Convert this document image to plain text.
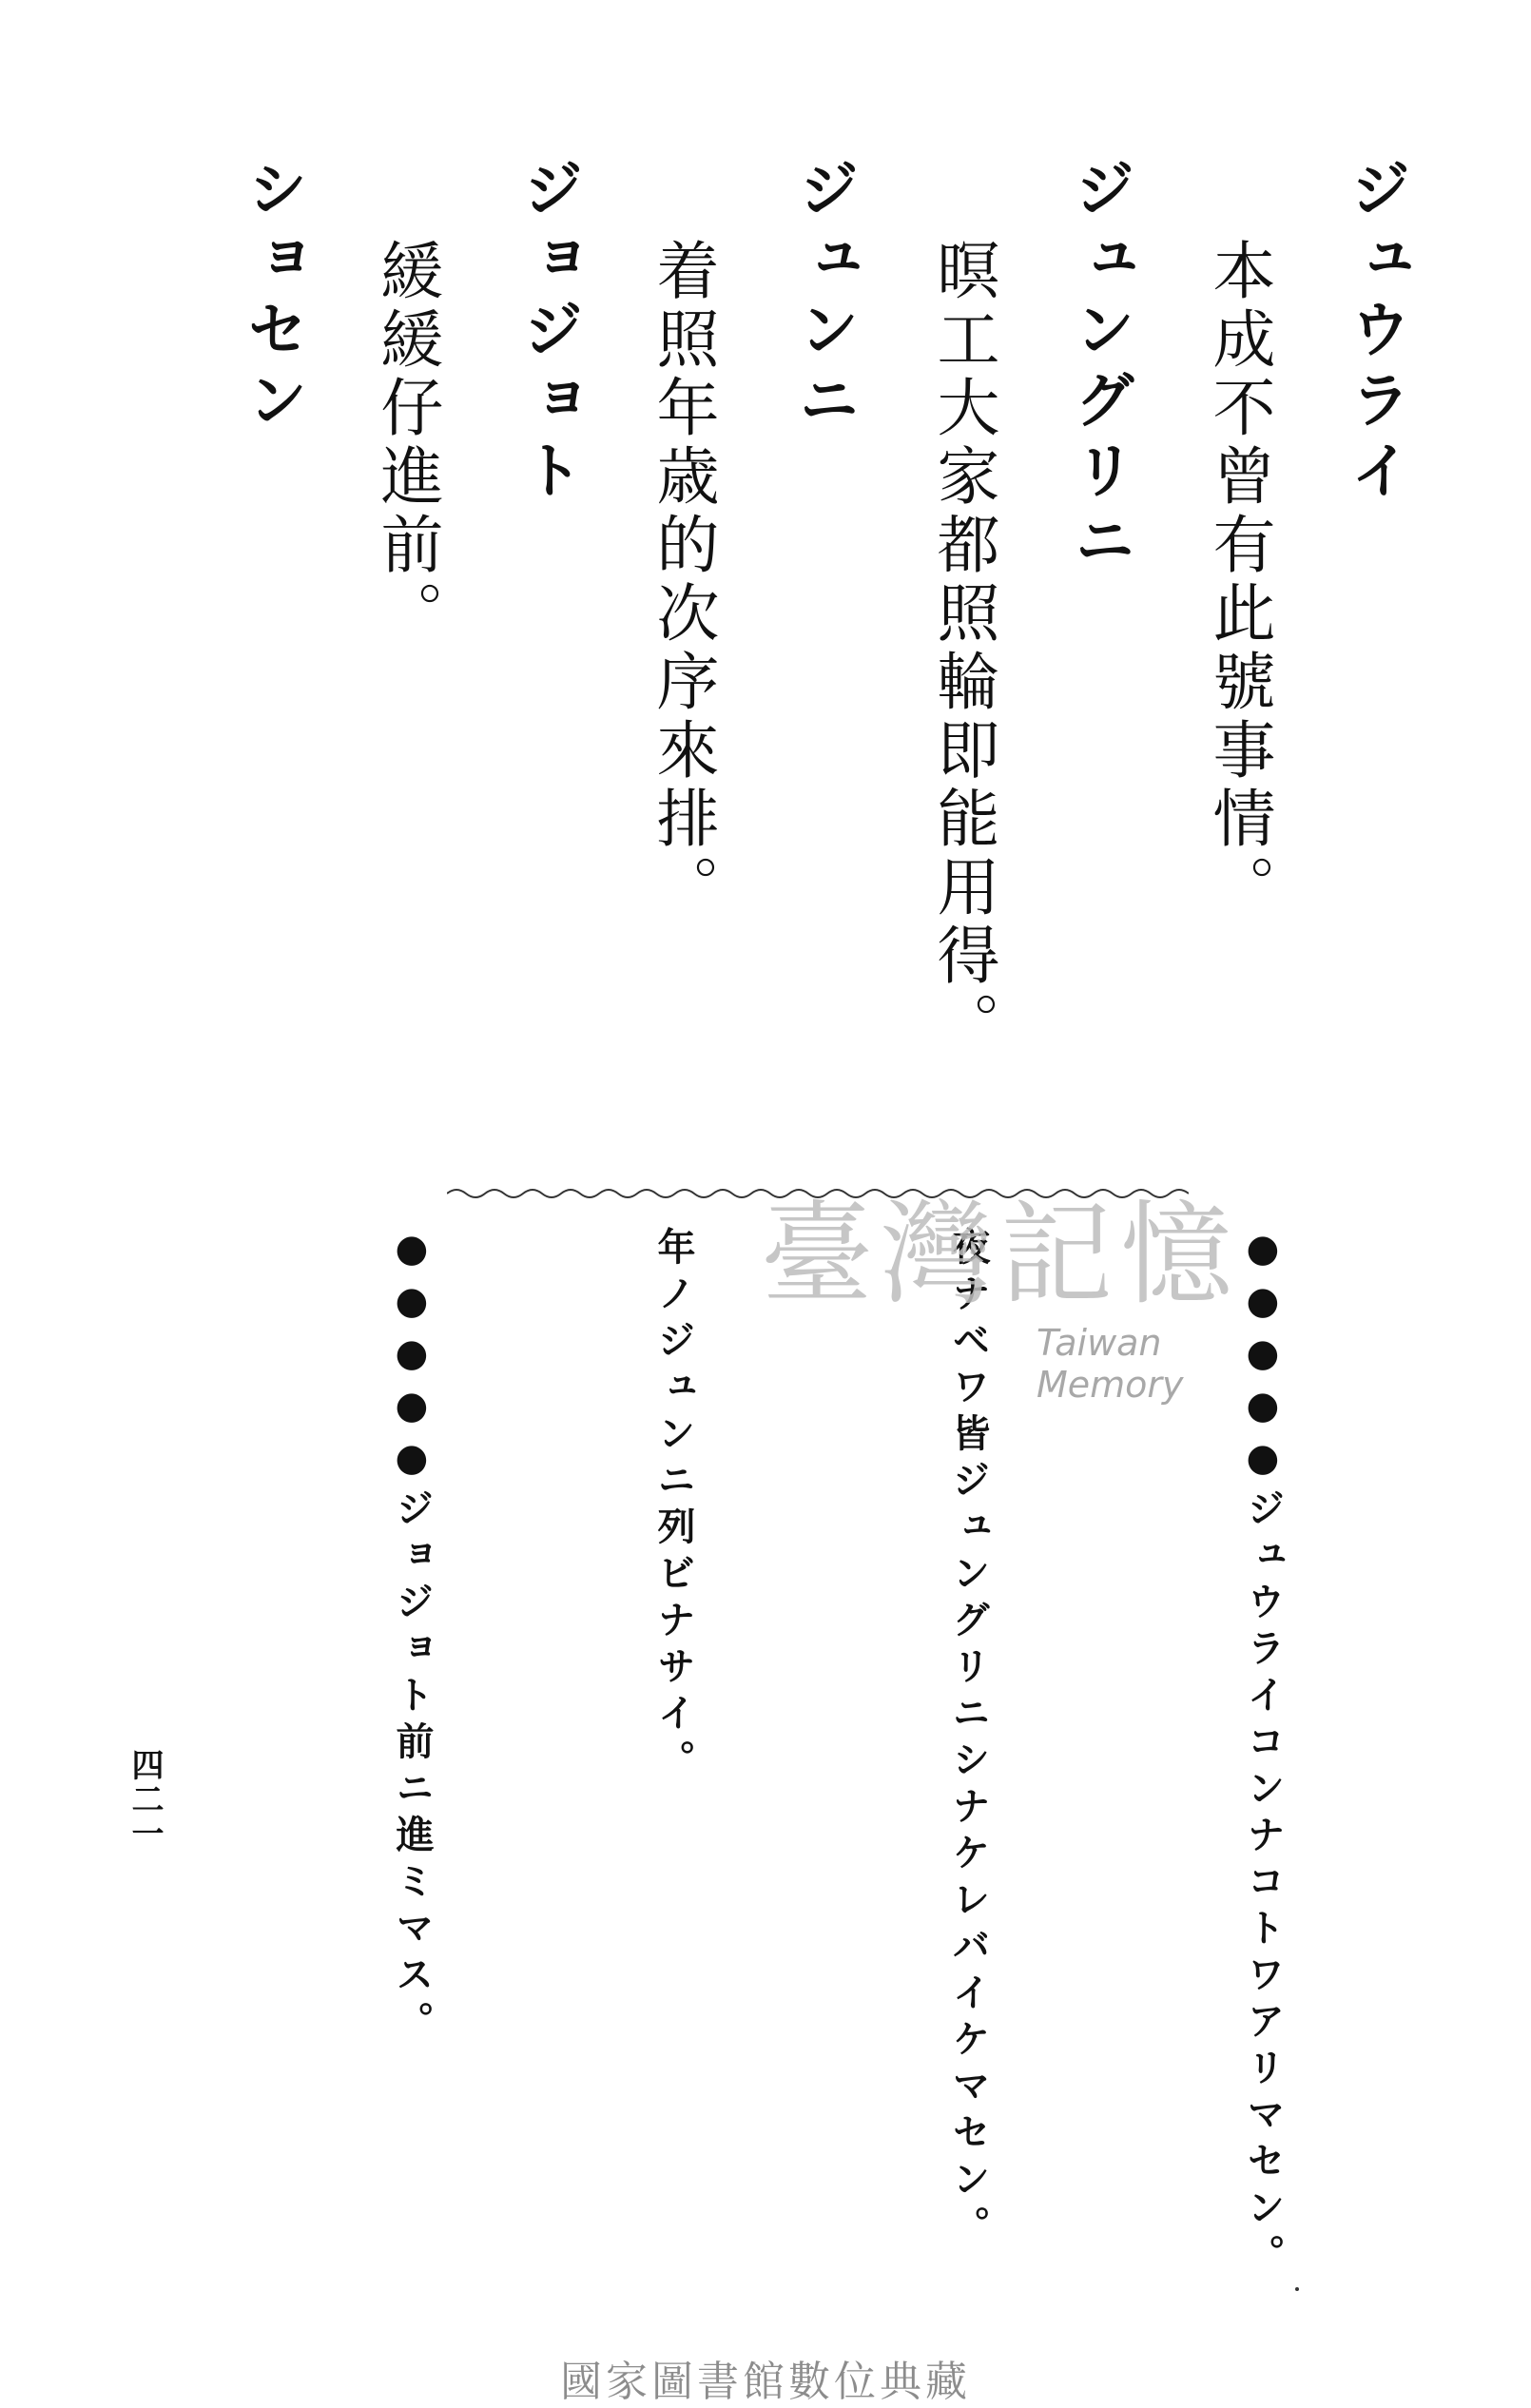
ジュウライ
本成不曾有此號事情。
ジュングリニ
暝工大家都照輪即能用得。
ジュンニ
着照年歳的次序來排。
ジョジョト
緩緩仔進前。
ショセン
●●●●●ジュウライコンナコトワアリマセン。
夜ナベワ皆ジュングリニシナケレバイケマセン。
年ノジュンニ列ビナサイ。
●●●●●ジョジョト前ニ進ミマス。	臺灣記憶
Taiwan Memory
四二一
國家圖書館數位典藏
